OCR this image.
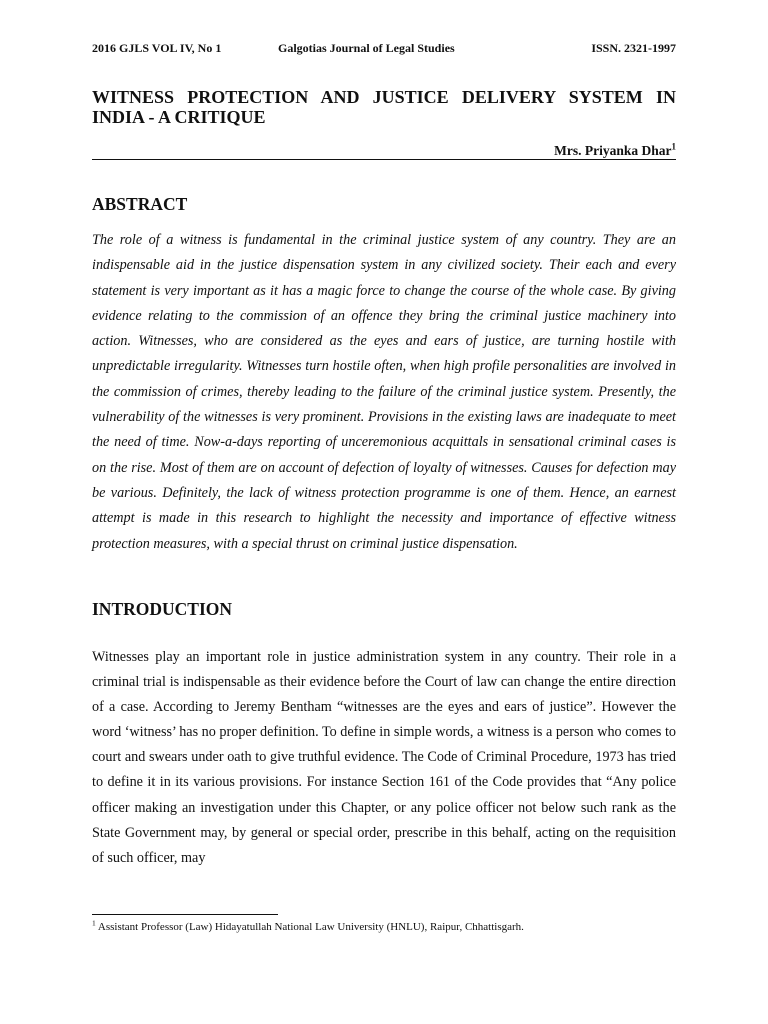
2016 GJLS VOL IV, No 1	Galgotias Journal of Legal Studies	ISSN. 2321-1997
WITNESS PROTECTION AND JUSTICE DELIVERY SYSTEM IN INDIA - A CRITIQUE
Mrs. Priyanka Dhar$^1$
ABSTRACT

The role of a witness is fundamental in the criminal justice system of any country. They are an indispensable aid in the justice dispensation system in any civilized society. Their each and every statement is very important as it has a magic force to change the course of the whole case. By giving evidence relating to the commission of an offence they bring the criminal justice machinery into action. Witnesses, who are considered as the eyes and ears of justice, are turning hostile with unpredictable irregularity. Witnesses turn hostile often, when high profile personalities are involved in the commission of crimes, thereby leading to the failure of the criminal justice system. Presently, the vulnerability of the witnesses is very prominent. Provisions in the existing laws are inadequate to meet the need of time. Now-a-days reporting of unceremonious acquittals in sensational criminal cases is on the rise. Most of them are on account of defection of loyalty of witnesses. Causes for defection may be various. Definitely, the lack of witness protection programme is one of them. Hence, an earnest attempt is made in this research to highlight the necessity and importance of effective witness protection measures, with a special thrust on criminal justice dispensation.

INTRODUCTION

Witnesses play an important role in justice administration system in any country. Their role in a criminal trial is indispensable as their evidence before the Court of law can change the entire direction of a case. According to Jeremy Bentham “witnesses are the eyes and ears of justice”. However the word ‘witness’ has no proper definition. To define in simple words, a witness is a person who comes to court and swears under oath to give truthful evidence. The Code of Criminal Procedure, 1973 has tried to define it in its various provisions. For instance Section 161 of the Code provides that “Any police officer making an investigation under this Chapter, or any police officer not below such rank as the State Government may, by general or special order, prescribe in this behalf, acting on the requisition of such officer, may

$^1$ Assistant Professor (Law) Hidayatullah National Law University (HNLU), Raipur, Chhattisgarh.
